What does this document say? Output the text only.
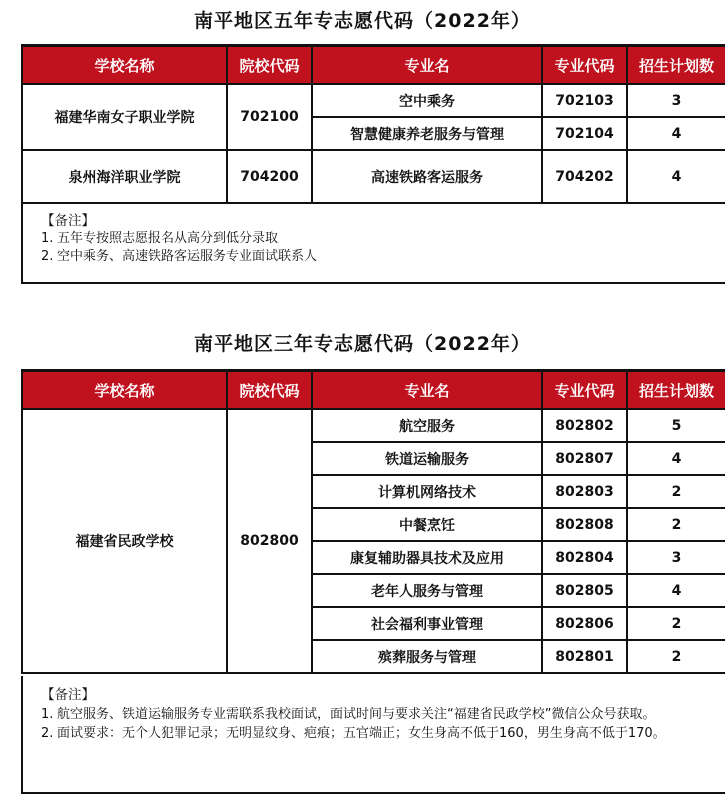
南平地区五年专志愿代码（2022年）
学校名称	院校代码	专业名	专业代码	招生计划数
福建华南女子职业学院	702100	空中乘务	702103	3
		智慧健康养老服务与管理	702104	4
泉州海洋职业学院	704200	高速铁路客运服务	704202	4
【备注】
1. 五年专按照志愿报名从高分到低分录取
2. 空中乘务、高速铁路客运服务专业面试联系人
南平地区三年专志愿代码（2022年）
学校名称	院校代码	专业名	专业代码	招生计划数
福建省民政学校	802800	航空服务	802802	5
		铁道运输服务	802807	4
		计算机网络技术	802803	2
		中餐烹饪	802808	2
		康复辅助器具技术及应用	802804	3
		老年人服务与管理	802805	4
		社会福利事业管理	802806	2
		殡葬服务与管理	802801	2
【备注】
1. 航空服务、铁道运输服务专业需联系我校面试，面试时间与要求关注“福建省民政学校”微信公众号获取。
2. 面试要求：无个人犯罪记录；无明显纹身、疤痕；五官端正；女生身高不低于160，男生身高不低于170。
